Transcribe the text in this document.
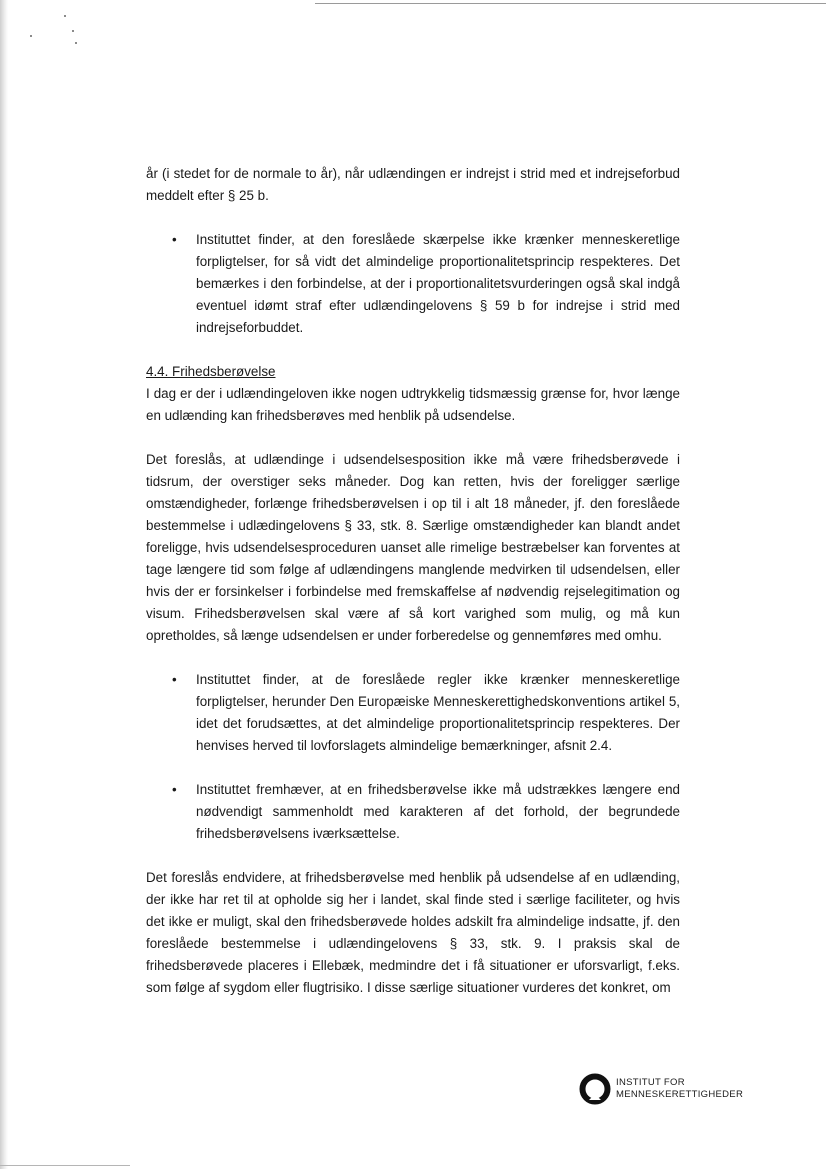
år (i stedet for de normale to år), når udlændingen er indrejst i strid med et indrejseforbud meddelt efter § 25 b.

• Instituttet finder, at den foreslåede skærpelse ikke krænker menneskeretlige forpligtelser, for så vidt det almindelige proportionalitetsprincip respekteres. Det bemærkes i den forbindelse, at der i proportionalitetsvurderingen også skal indgå eventuel idømt straf efter udlændingelovens § 59 b for indrejse i strid med indrejseforbuddet.
4.4. Frihedsberøvelse

I dag er der i udlændingeloven ikke nogen udtrykkelig tidsmæssig grænse for, hvor længe en udlænding kan frihedsberøves med henblik på udsendelse.

Det foreslås, at udlændinge i udsendelsesposition ikke må være frihedsberøvede i tidsrum, der overstiger seks måneder. Dog kan retten, hvis der foreligger særlige omstændigheder, forlænge frihedsberøvelsen i op til i alt 18 måneder, jf. den foreslåede bestemmelse i udlædingelovens § 33, stk. 8. Særlige omstændigheder kan blandt andet foreligge, hvis udsendelsesproceduren uanset alle rimelige bestræbelser kan forventes at tage længere tid som følge af udlændingens manglende medvirken til udsendelsen, eller hvis der er forsinkelser i forbindelse med fremskaffelse af nødvendig rejselegitimation og visum. Frihedsberøvelsen skal være af så kort varighed som mulig, og må kun opretholdes, så længe udsendelsen er under forberedelse og gennemføres med omhu.

• Instituttet finder, at de foreslåede regler ikke krænker menneskeretlige forpligtelser, herunder Den Europæiske Menneskerettighedskonventions artikel 5, idet det forudsættes, at det almindelige proportionalitetsprincip respekteres. Der henvises herved til lovforslagets almindelige bemærkninger, afsnit 2.4.
• Instituttet fremhæver, at en frihedsberøvelse ikke må udstrækkes længere end nødvendigt sammenholdt med karakteren af det forhold, der begrundede frihedsberøvelsens iværksættelse.

Det foreslås endvidere, at frihedsberøvelse med henblik på udsendelse af en udlænding, der ikke har ret til at opholde sig her i landet, skal finde sted i særlige faciliteter, og hvis det ikke er muligt, skal den frihedsberøvede holdes adskilt fra almindelige indsatte, jf. den foreslåede bestemmelse i udlændingelovens § 33, stk. 9. I praksis skal de frihedsberøvede placeres i Ellebæk, medmindre det i få situationer er uforsvarligt, f.eks. som følge af sygdom eller flugtrisiko. I disse særlige situationer vurderes det konkret, om

INSTITUT FOR
MENNESKERETTIGHEDER
